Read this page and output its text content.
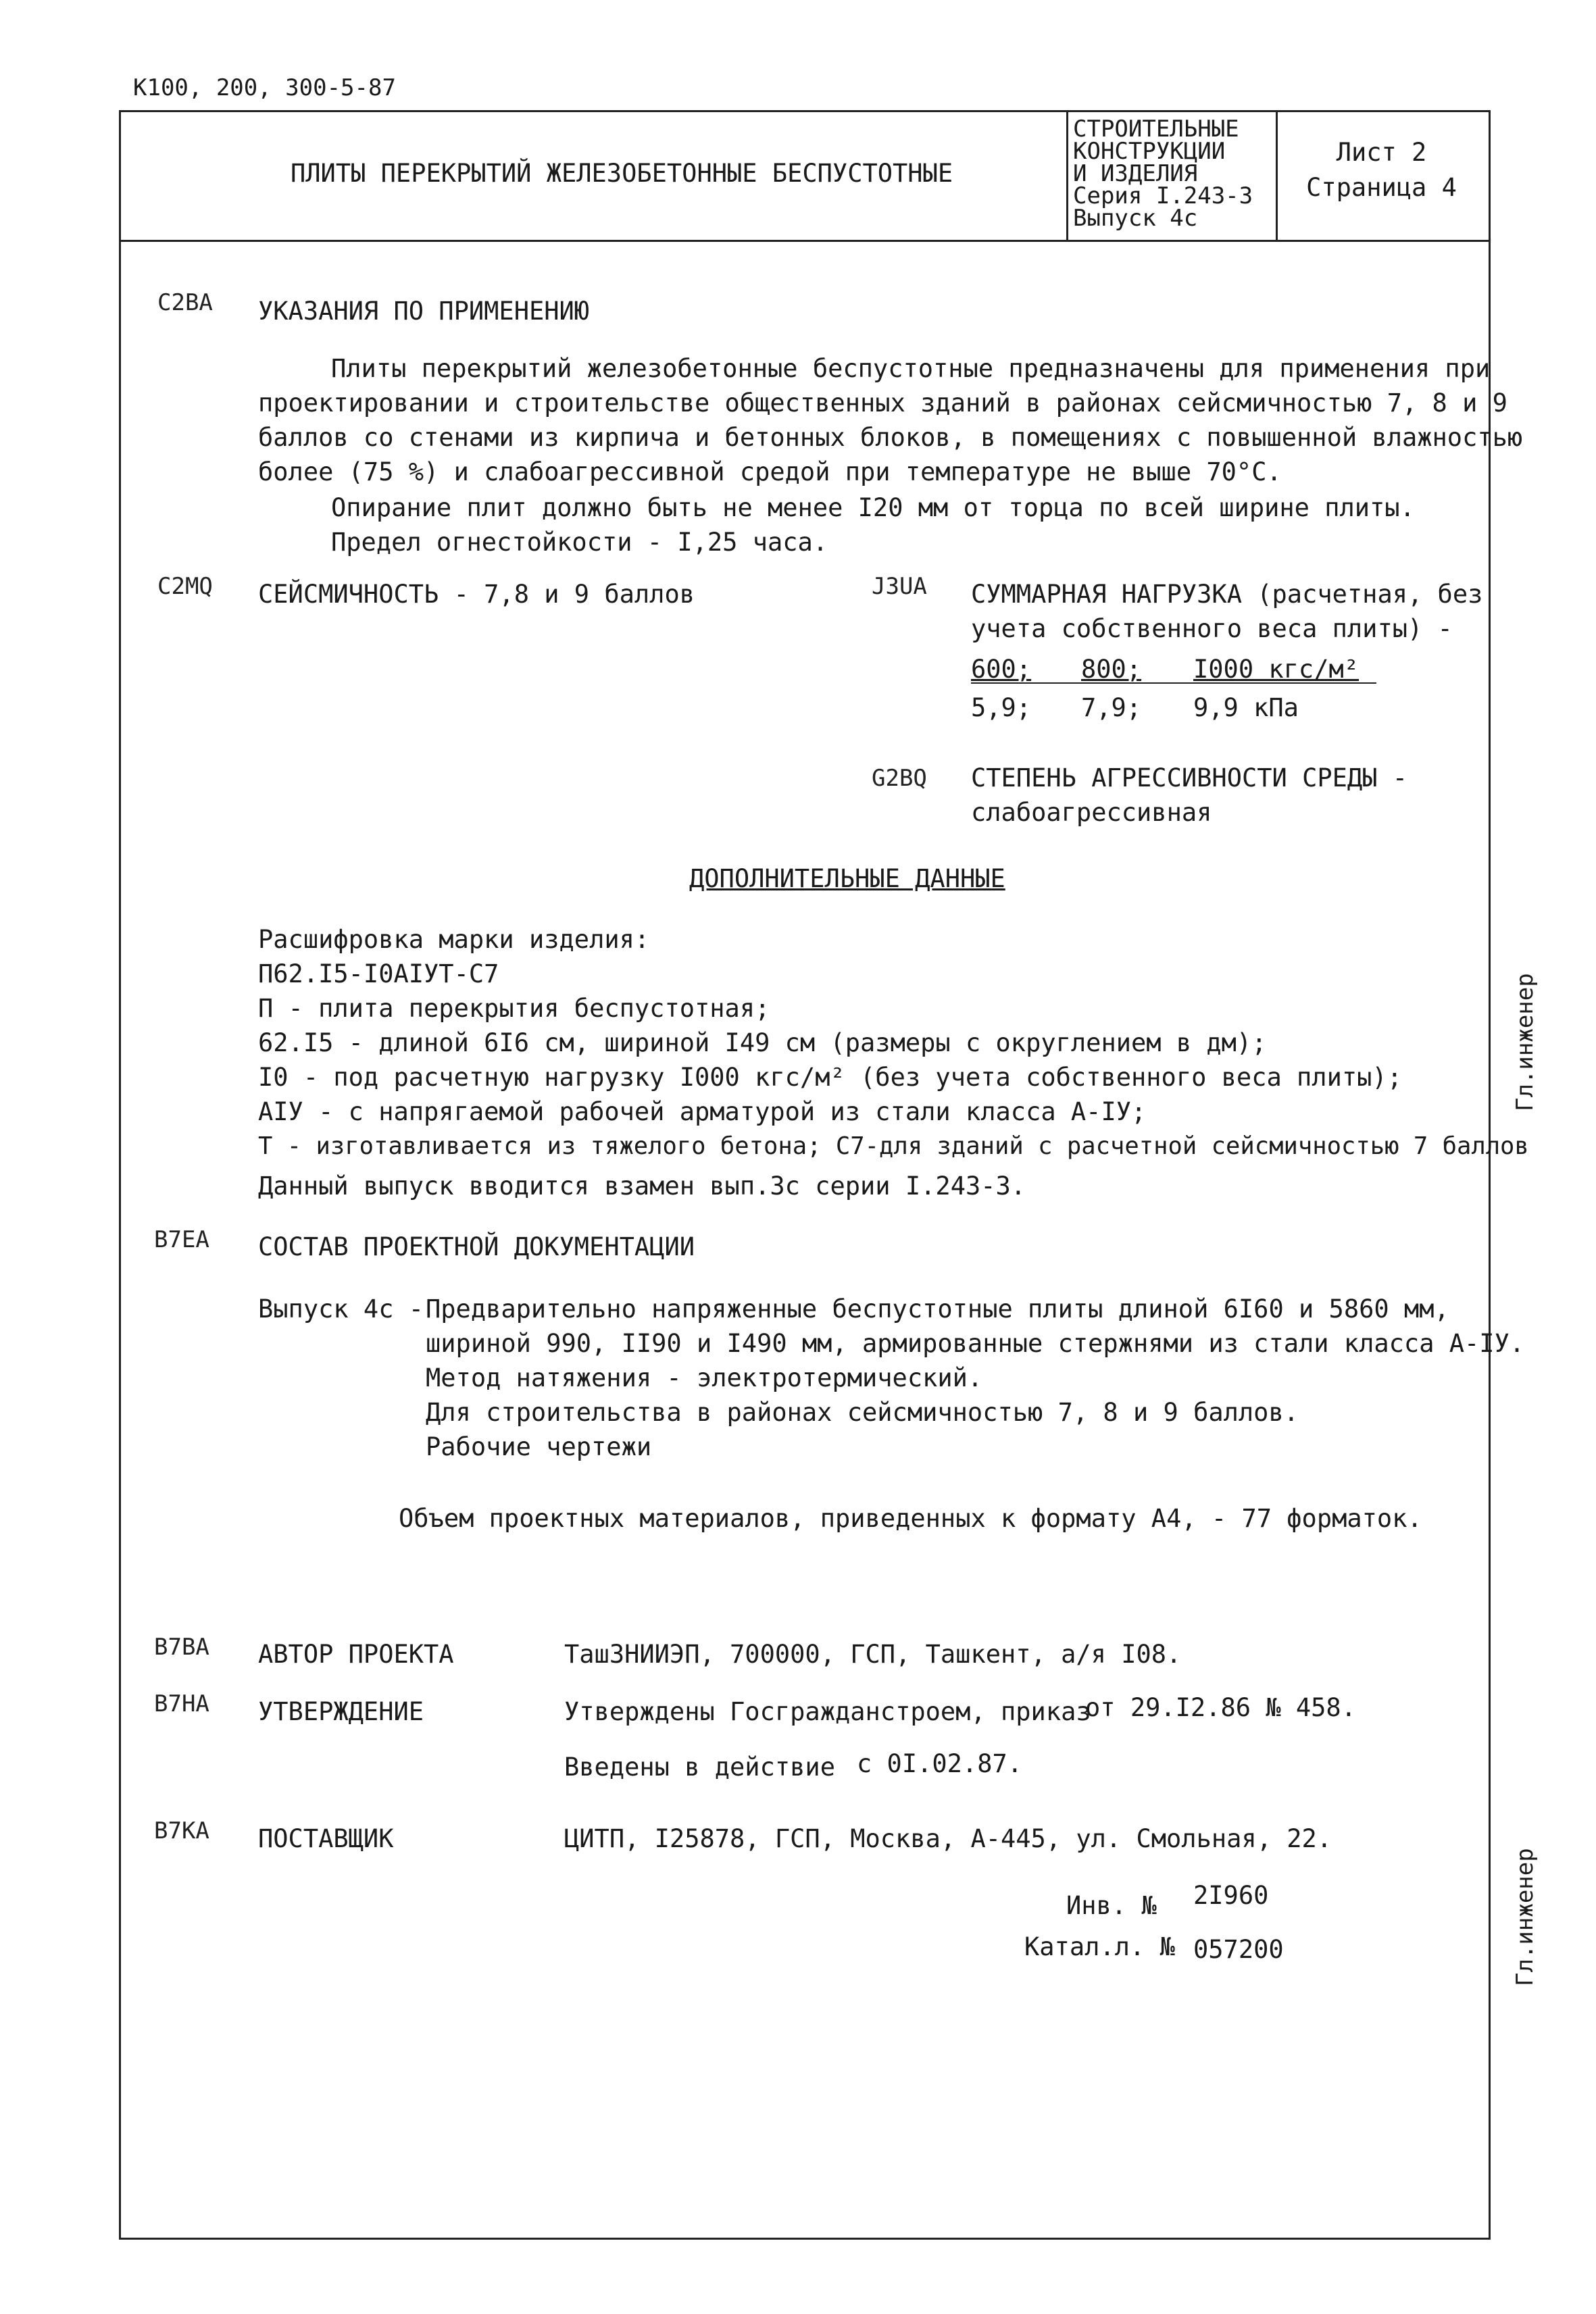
К100, 200, 300-5-87
ПЛИТЫ ПЕРЕКРЫТИЙ ЖЕЛЕЗОБЕТОННЫЕ БЕСПУСТОТНЫЕ
СТРОИТЕЛЬНЫЕ
КОНСТРУКЦИИ
И ИЗДЕЛИЯ
Серия I.243-3
Выпуск 4с
Лист 2
Страница 4
C2BA УКАЗАНИЯ ПО ПРИМЕНЕНИЮ
Плиты перекрытий железобетонные беспустотные предназначены для применения при
проектировании и строительстве общественных зданий в районах сейсмичностью 7, 8 и 9
баллов со стенами из кирпича и бетонных блоков, в помещениях с повышенной влажностью
более (75 %) и слабоагрессивной средой при температуре не выше 70°С.
Опирание плит должно быть не менее I20 мм от торца по всей ширине плиты.
Предел огнестойкости - I,25 часа.
C2MQ СЕЙСМИЧНОСТЬ - 7,8 и 9 баллов	J3UA СУММАРНАЯ НАГРУЗКА (расчетная, без
учета собственного веса плиты) -
600; 800; I000 кгс/м²
5,9; 7,9; 9,9 кПа
G2BQ СТЕПЕНЬ АГРЕССИВНОСТИ СРЕДЫ -
слабоагрессивная
ДОПОЛНИТЕЛЬНЫЕ ДАННЫЕ
Расшифровка марки изделия:
П62.I5-I0AIУТ-С7
П - плита перекрытия беспустотная;
62.I5 - длиной 6I6 см, шириной I49 см (размеры с округлением в дм);
I0 - под расчетную нагрузку I000 кгс/м² (без учета собственного веса плиты);
AIУ - с напрягаемой рабочей арматурой из стали класса А-IУ;
Т - изготавливается из тяжелого бетона; С7-для зданий с расчетной сейсмичностью 7 баллов
Данный выпуск вводится взамен вып.3с серии I.243-3.
B7EA СОСТАВ ПРОЕКТНОЙ ДОКУМЕНТАЦИИ
Выпуск 4с - Предварительно напряженные беспустотные плиты длиной 6I60 и 5860 мм,
шириной 990, II90 и I490 мм, армированные стержнями из стали класса А-IУ.
Метод натяжения - электротермический.
Для строительства в районах сейсмичностью 7, 8 и 9 баллов.
Рабочие чертежи
Объем проектных материалов, приведенных к формату А4, - 77 форматок.
B7BA АВТОР ПРОЕКТА	ТашЗНИИЭП, 700000, ГСП, Ташкент, а/я I08.
B7HA УТВЕРЖДЕНИЕ	Утверждены Госгражданстроем, приказ
от 29.I2.86 № 458.
Введены в действие с 0I.02.87.
B7KA ПОСТАВЩИК	ЦИТП, I25878, ГСП, Москва, А-445, ул. Смольная, 22.
Инв. № 2I960
Катал.л. № 057200
Гл.инженер
Гл.инженер
